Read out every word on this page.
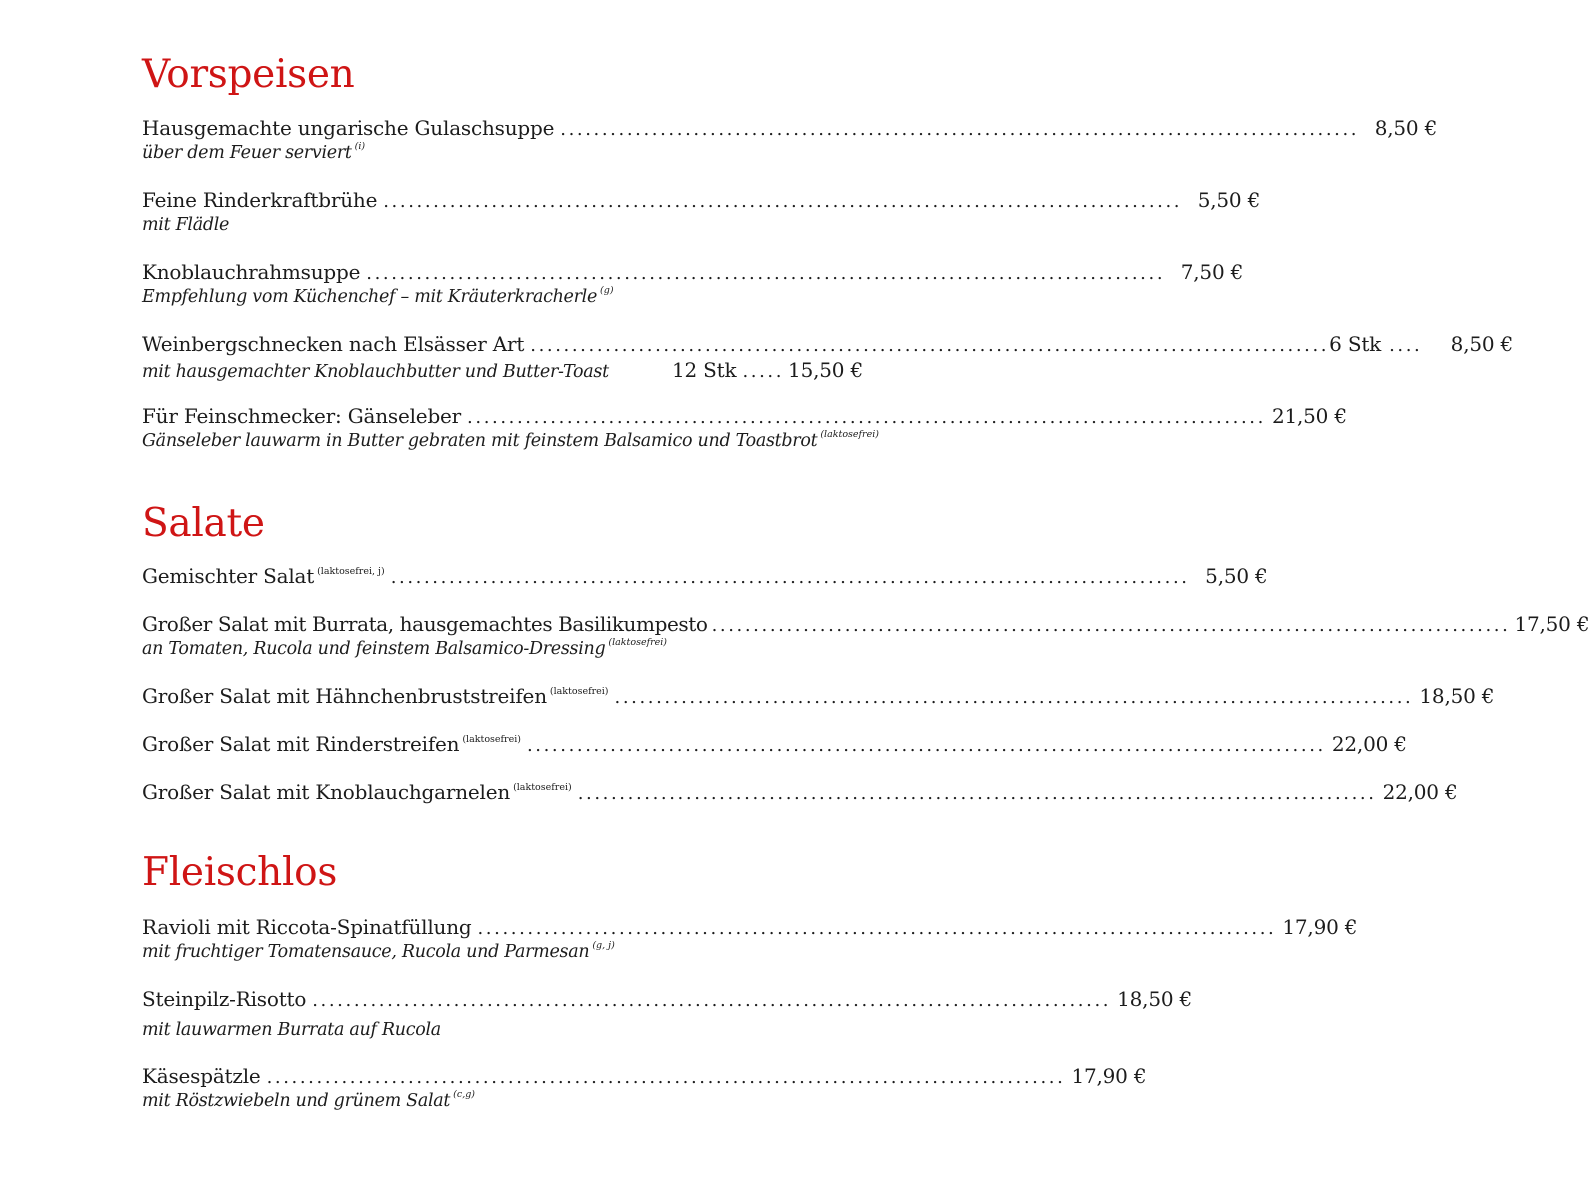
Vorspeisen
Hausgemachte ungarische Gulaschsuppe ................................................................................................ 8,50 €
über dem Feuer serviert $^{(i)}$
Feine Rinderkraftbrühe ................................................................................................ 5,50 €
mit Flädle
Knoblauchrahmsuppe ................................................................................................ 7,50 €
Empfehlung vom Küchenchef – mit Kräuterkracherle $^{(g)}$
Weinbergschnecken nach Elsässer Art ................................................................................................ 6 Stk ....	8,50 €
mit hausgemachter Knoblauchbutter und Butter-Toast	12 Stk ..... 15,50 €
Für Feinschmecker: Gänseleber ................................................................................................ 21,50 €
Gänseleber lauwarm in Butter gebraten mit feinstem Balsamico und Toastbrot $^{(laktosefrei)}$
Salate
Gemischter Salat $^{(laktosefrei, j)}$ ................................................................................................ 5,50 €
Großer Salat mit Burrata, hausgemachtes Basilikumpesto ................................................................................................ 17,50 €
an Tomaten, Rucola und feinstem Balsamico-Dressing $^{(laktosefrei)}$
Großer Salat mit Hähnchenbruststreifen $^{(laktosefrei)}$ ................................................................................................ 18,50 €
Großer Salat mit Rinderstreifen $^{(laktosefrei)}$ ................................................................................................ 22,00 €
Großer Salat mit Knoblauchgarnelen $^{(laktosefrei)}$ ................................................................................................ 22,00 €
Fleischlos
Ravioli mit Riccota-Spinatfüllung ................................................................................................ 17,90 €
mit fruchtiger Tomatensauce, Rucola und Parmesan $^{(g, j)}$
Steinpilz-Risotto ................................................................................................ 18,50 €
mit lauwarmen Burrata auf Rucola
Käsespätzle ................................................................................................ 17,90 €
mit Röstzwiebeln und grünem Salat $^{(c,g)}$
